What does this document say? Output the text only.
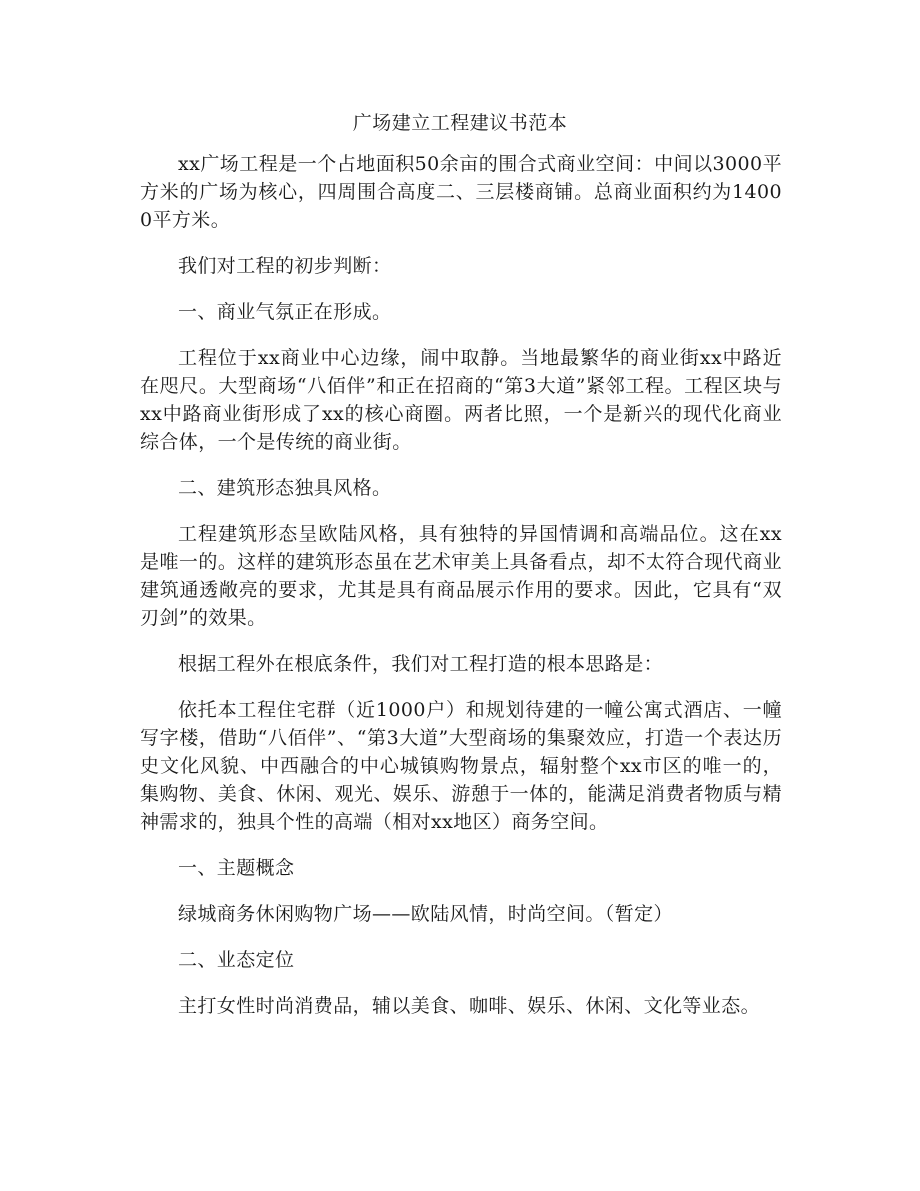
广场建立工程建议书范本

xx广场工程是一个占地面积50余亩的围合式商业空间：中间以3000平方米的广场为核心，四周围合高度二、三层楼商铺。总商业面积约为14000平方米。

我们对工程的初步判断：

一、商业气氛正在形成。

工程位于xx商业中心边缘，闹中取静。当地最繁华的商业街xx中路近在咫尺。大型商场“八佰伴”和正在招商的“第3大道”紧邻工程。工程区块与xx中路商业街形成了xx的核心商圈。两者比照，一个是新兴的现代化商业综合体，一个是传统的商业街。

二、建筑形态独具风格。

工程建筑形态呈欧陆风格，具有独特的异国情调和高端品位。这在xx是唯一的。这样的建筑形态虽在艺术审美上具备看点，却不太符合现代商业建筑通透敞亮的要求，尤其是具有商品展示作用的要求。因此，它具有“双刃剑”的效果。

根据工程外在根底条件，我们对工程打造的根本思路是：

依托本工程住宅群（近1000户）和规划待建的一幢公寓式酒店、一幢写字楼，借助“八佰伴”、“第3大道”大型商场的集聚效应，打造一个表达历史文化风貌、中西融合的中心城镇购物景点，辐射整个xx市区的唯一的，集购物、美食、休闲、观光、娱乐、游憩于一体的，能满足消费者物质与精神需求的，独具个性的高端（相对xx地区）商务空间。

一、主题概念

绿城商务休闲购物广场——欧陆风情，时尚空间。（暂定）

二、业态定位

主打女性时尚消费品，辅以美食、咖啡、娱乐、休闲、文化等业态。
